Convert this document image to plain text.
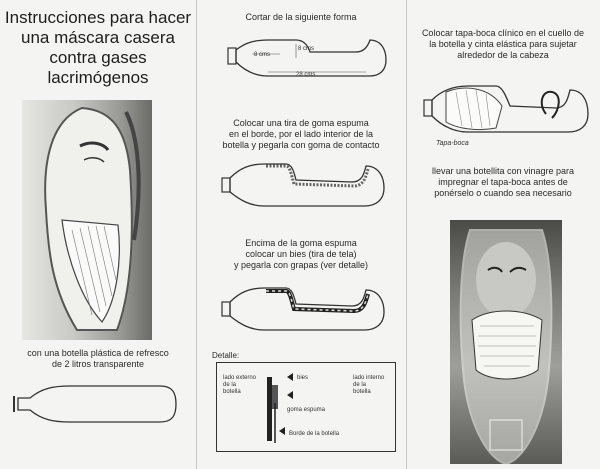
Instrucciones para hacer
una máscara casera
contra gases
lacrimógenos
con una botella plástica de refresco
de 2 litros transparente
Cortar de la siguiente forma
8 cms
8 cms
28 cms
Colocar una tira de goma espuma
en el borde, por el lado interior de la
botella y pegarla con goma de contacto
Encima de la goma espuma
colocar un bies (tira de tela)
y pegarla con grapas (ver detalle)
Detalle:
lado externo
de la
botella
lado interno
de la
botella
bies
goma espuma
Borde de la botella
Colocar tapa-boca clínico en el cuello de
la botella y cinta elástica para sujetar
alrededor de la cabeza
Tapa-boca
llevar una botellita con vinagre para
impregnar el tapa-boca antes de
ponérselo o cuando sea necesario
